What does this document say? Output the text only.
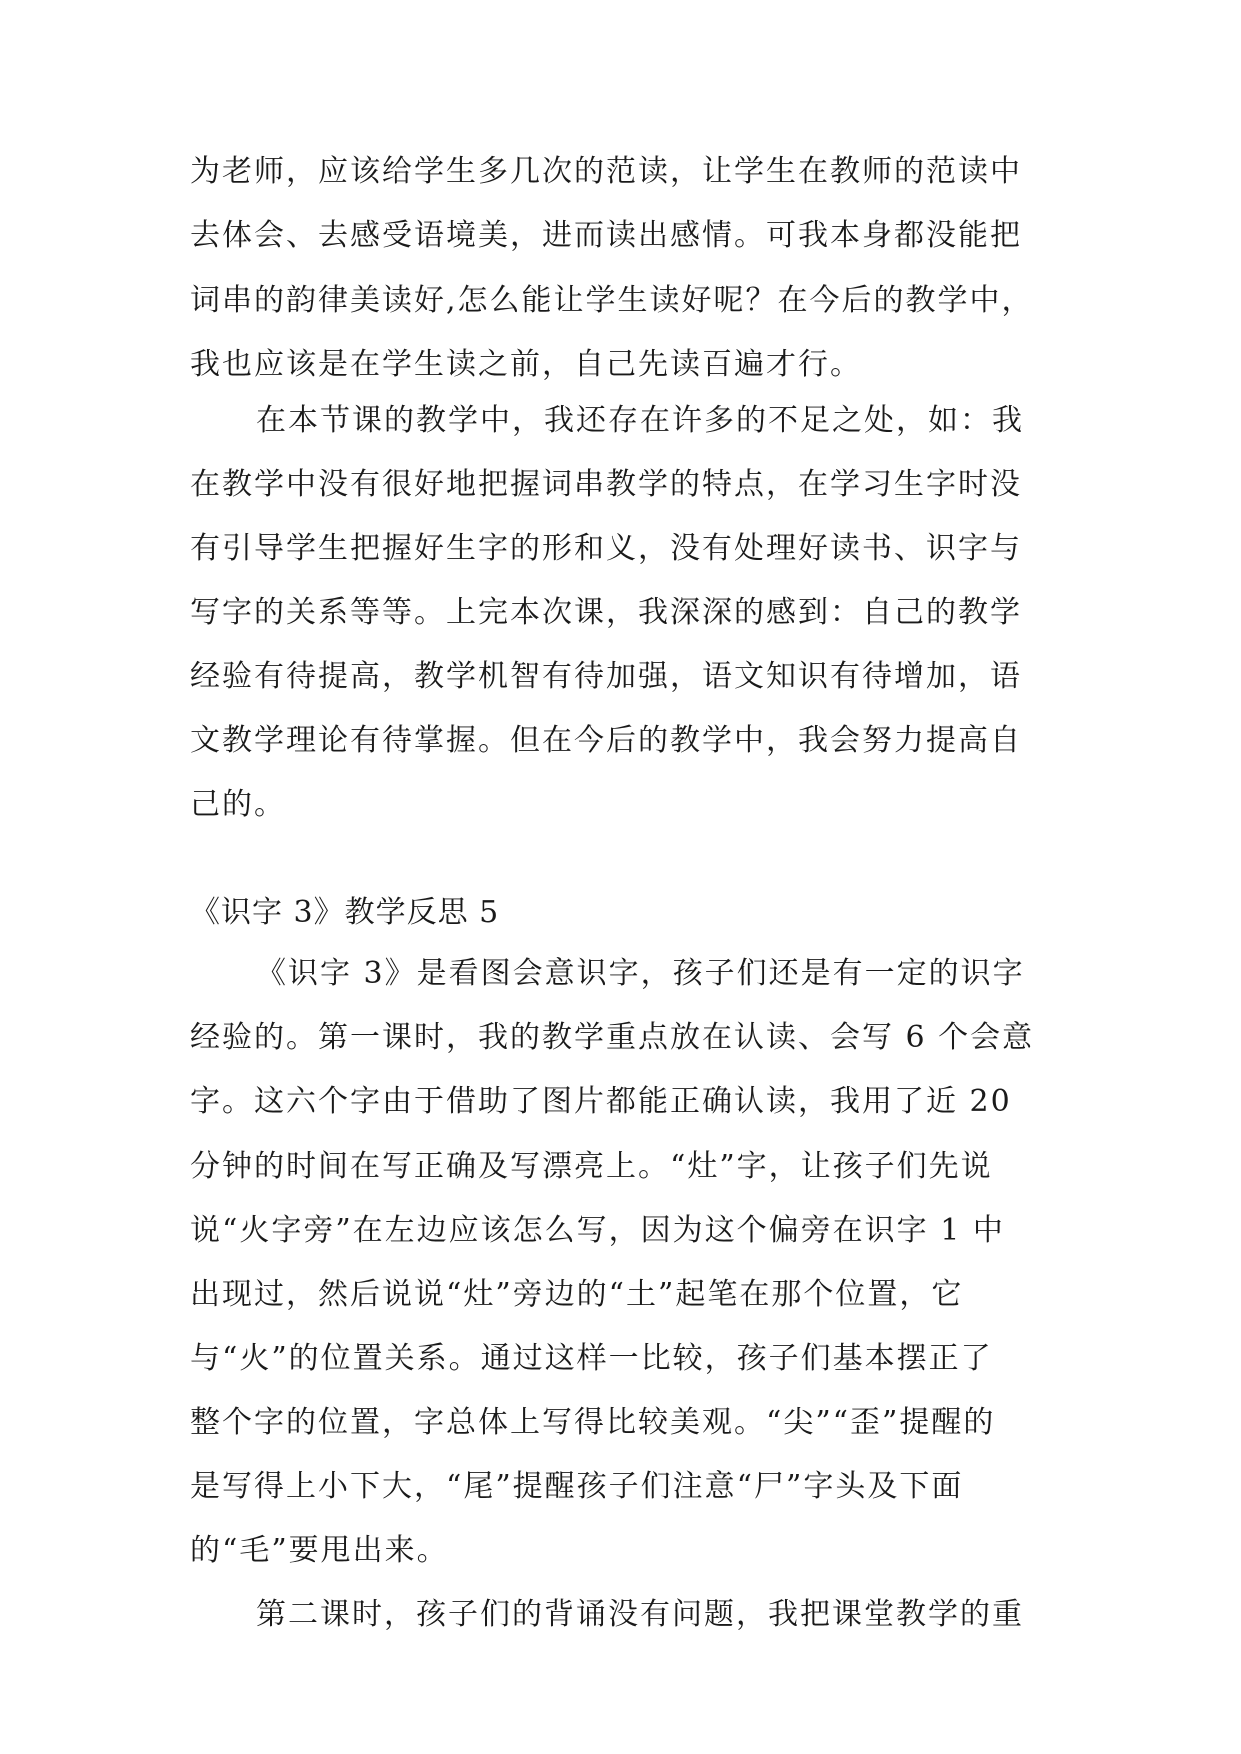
为老师，应该给学生多几次的范读，让学生在教师的范读中
去体会、去感受语境美，进而读出感情。可我本身都没能把
词串的韵律美读好,怎么能让学生读好呢？在今后的教学中，
我也应该是在学生读之前，自己先读百遍才行。
在本节课的教学中，我还存在许多的不足之处，如：我
在教学中没有很好地把握词串教学的特点，在学习生字时没
有引导学生把握好生字的形和义，没有处理好读书、识字与
写字的关系等等。上完本次课，我深深的感到：自己的教学
经验有待提高，教学机智有待加强，语文知识有待增加，语
文教学理论有待掌握。但在今后的教学中，我会努力提高自
己的。
《识字 3》教学反思 5
《识字 3》是看图会意识字，孩子们还是有一定的识字
经验的。第一课时，我的教学重点放在认读、会写 6 个会意
字。这六个字由于借助了图片都能正确认读，我用了近 20
分钟的时间在写正确及写漂亮上。“灶”字，让孩子们先说
说“火字旁”在左边应该怎么写，因为这个偏旁在识字 1 中
出现过，然后说说“灶”旁边的“土”起笔在那个位置，它
与“火”的位置关系。通过这样一比较，孩子们基本摆正了
整个字的位置，字总体上写得比较美观。“尖”“歪”提醒的
是写得上小下大，“尾”提醒孩子们注意“尸”字头及下面
的“毛”要甩出来。
第二课时，孩子们的背诵没有问题，我把课堂教学的重
